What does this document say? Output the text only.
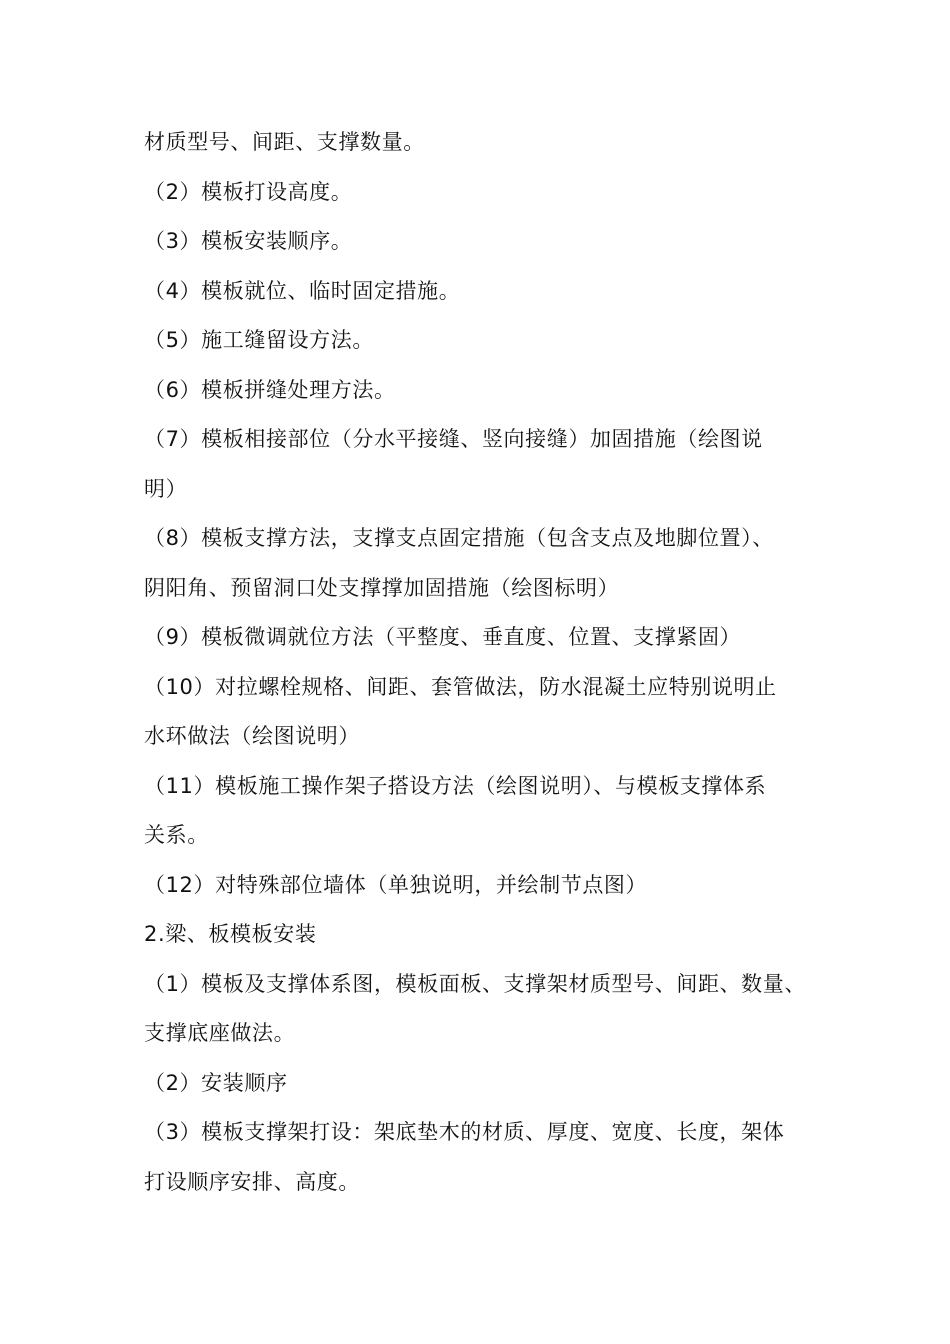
材质型号、间距、支撑数量。
（2）模板打设高度。
（3）模板安装顺序。
（4）模板就位、临时固定措施。
（5）施工缝留设方法。
（6）模板拼缝处理方法。
（7）模板相接部位（分水平接缝、竖向接缝）加固措施（绘图说
明）
（8）模板支撑方法，支撑支点固定措施（包含支点及地脚位置）、
阴阳角、预留洞口处支撑撑加固措施（绘图标明）
（9）模板微调就位方法（平整度、垂直度、位置、支撑紧固）
（10）对拉螺栓规格、间距、套管做法，防水混凝土应特别说明止
水环做法（绘图说明）
（11）模板施工操作架子搭设方法（绘图说明）、与模板支撑体系
关系。
（12）对特殊部位墙体（单独说明，并绘制节点图）
2.梁、板模板安装
（1）模板及支撑体系图，模板面板、支撑架材质型号、间距、数量、
支撑底座做法。
（2）安装顺序
（3）模板支撑架打设：架底垫木的材质、厚度、宽度、长度，架体
打设顺序安排、高度。
